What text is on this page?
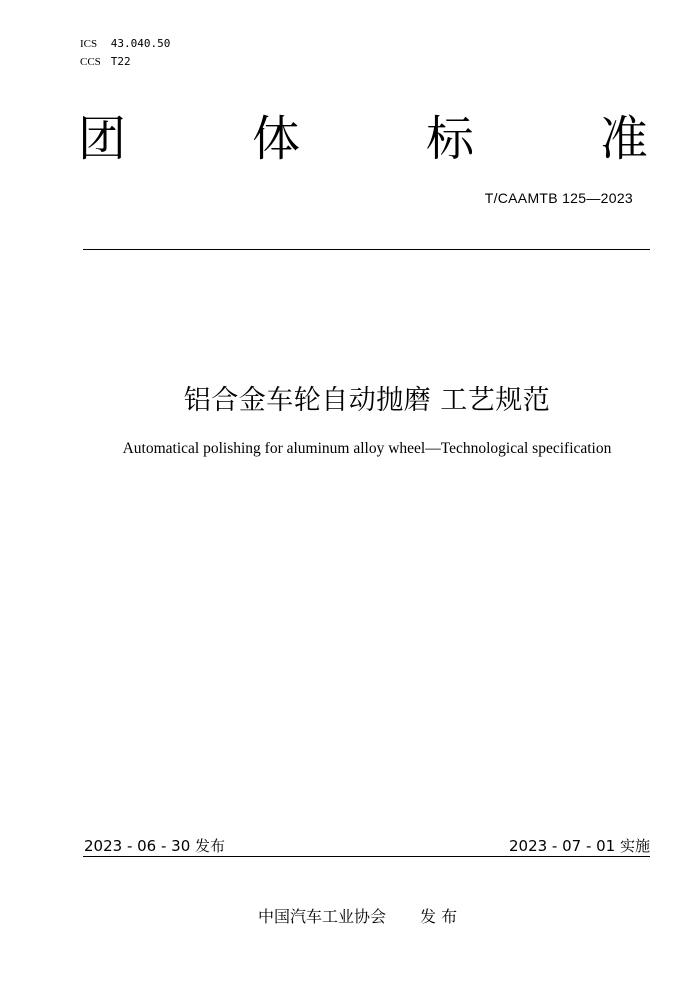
ICS 43.040.50
CCS T22
团	体	标	准
T/CAAMTB 125—2023
铝合金车轮自动抛磨 工艺规范
Automatical polishing for aluminum alloy wheel—Technological specification
2023 - 06 - 30 发布	2023 - 07 - 01 实施
中国汽车工业协会 发 布
